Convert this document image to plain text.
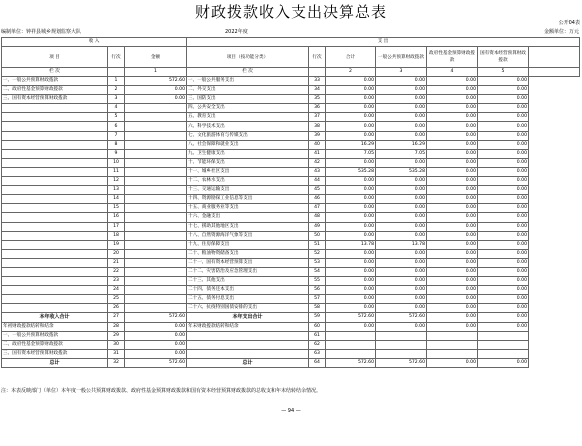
财政拨款收入支出决算总表
公开04表
编制单位：钟祥县城乡规划监察大队	2022年度	金额单位：万元
收 入			支 出						
项 目	行次	金额	项目（按功能分类）	行次	合计	一般公共预算财政拨款	政府性基金预算财政拨款	国有资本经营预算财政拨款	
栏 次		1	栏 次		2	3	4	5	
一、一般公共预算财政拨款	1	572.60	一、一般公共服务支出	33	0.00	0.00	0.00	0.00	
二、政府性基金预算财政拨款	2	0.00	二、外交支出	34	0.00	0.00	0.00	0.00	
三、国有资本经营预算财政拨款	3	0.00	三、国防支出	35	0.00	0.00	0.00	0.00	
	4		四、公共安全支出	36	0.00	0.00	0.00	0.00	
	5		五、教育支出	37	0.00	0.00	0.00	0.00	
	6		六、科学技术支出	38	0.00	0.00	0.00	0.00	
	7		七、文化旅游体育与传媒支出	39	0.00	0.00	0.00	0.00	
	8		八、社会保障和就业支出	40	16.29	16.29	0.00	0.00	
	9		九、卫生健康支出	41	7.05	7.05	0.00	0.00	
	10		十、节能环保支出	42	0.00	0.00	0.00	0.00	
	11		十一、城乡社区支出	43	535.28	535.28	0.00	0.00	
	12		十二、农林水支出	44	0.00	0.00	0.00	0.00	
	13		十三、交通运输支出	45	0.00	0.00	0.00	0.00	
	14		十四、资源勘探工业信息等支出	46	0.00	0.00	0.00	0.00	
	15		十五、商业服务业等支出	47	0.00	0.00	0.00	0.00	
	16		十六、金融支出	48	0.00	0.00	0.00	0.00	
	17		十七、援助其他地区支出	49	0.00	0.00	0.00	0.00	
	18		十八、自然资源海洋气象等支出	50	0.00	0.00	0.00	0.00	
	19		十九、住房保障支出	51	13.78	13.78	0.00	0.00	
	20		二十、粮油物资储备支出	52	0.00	0.00	0.00	0.00	
	21		二十一、国有资本经营预算支出	53	0.00	0.00	0.00	0.00	
	22		二十二、灾害防治及应急管理支出	54	0.00	0.00	0.00	0.00	
	23		二十三、其他支出	55	0.00	0.00	0.00	0.00	
	24		二十四、债务还本支出	56	0.00	0.00	0.00	0.00	
	25		二十五、债务付息支出	57	0.00	0.00	0.00	0.00	
	26		二十六、抗疫特别国债安排的支出	58	0.00	0.00	0.00	0.00	
本年收入合计	27	572.60	本年支出合计	59	572.60	572.60	0.00	0.00	
年初财政拨款结转和结余	28	0.00	年末财政拨款结转和结余	60	0.00	0.00	0.00	0.00	
一、一般公共预算财政拨款	29	0.00		61					
二、政府性基金预算财政拨款	30	0.00		62					
三、国有资本经营预算财政拨款	31	0.00		63					
总计	32	572.60	总计	64	572.60	572.60	0.00	0.00	
注：本表反映部门（单位）本年度一般公共预算财政拨款、政府性基金预算财政拨款和国有资本经营预算财政拨款的总收支和年末结转结余情况。
— 94 —
